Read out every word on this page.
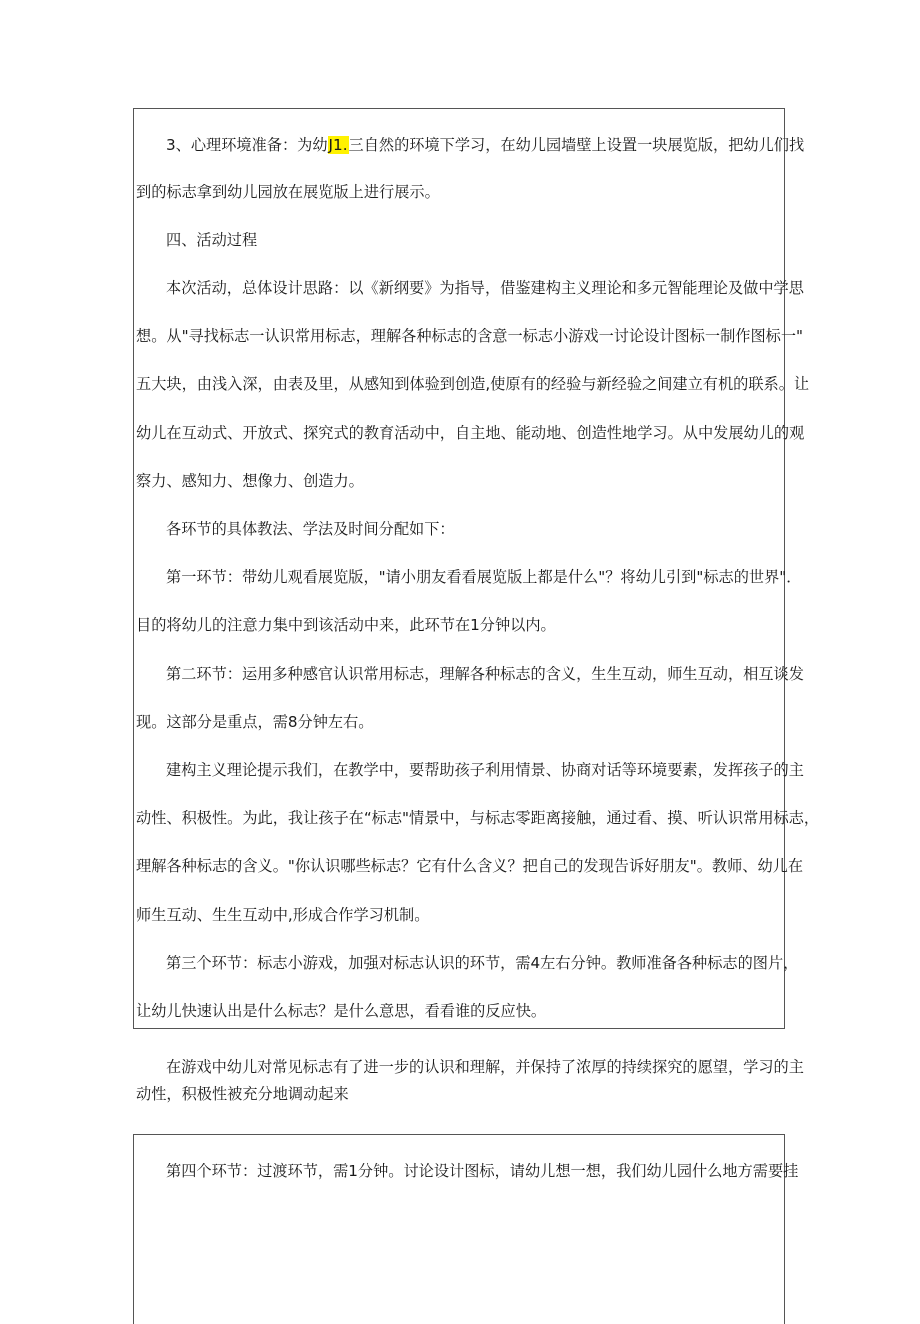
3、心理环境准备：为幼J1.三自然的环境下学习，在幼儿园墙壁上设置一块展览版，把幼儿们找

到的标志拿到幼儿园放在展览版上进行展示。

四、活动过程

本次活动，总体设计思路：以《新纲要》为指导，借鉴建构主义理论和多元智能理论及做中学思

想。从"寻找标志一认识常用标志，理解各种标志的含意一标志小游戏一讨论设计图标一制作图标一"

五大块，由浅入深，由表及里，从感知到体验到创造,使原有的经验与新经验之间建立有机的联系。让

幼儿在互动式、开放式、探究式的教育活动中，自主地、能动地、创造性地学习。从中发展幼儿的观

察力、感知力、想像力、创造力。

各环节的具体教法、学法及时间分配如下：

第一环节：带幼儿观看展览版，"请小朋友看看展览版上都是什么"？将幼儿引到"标志的世界"．

目的将幼儿的注意力集中到该活动中来，此环节在1分钟以内。

第二环节：运用多种感官认识常用标志，理解各种标志的含义，生生互动，师生互动，相互谈发

现。这部分是重点，需8分钟左右。

建构主义理论提示我们，在教学中，要帮助孩子利用情景、协商对话等环境要素，发挥孩子的主

动性、积极性。为此，我让孩子在“标志"情景中，与标志零距离接触，通过看、摸、听认识常用标志，

理解各种标志的含义。"你认识哪些标志？它有什么含义？把自己的发现告诉好朋友"。教师、幼儿在

师生互动、生生互动中,形成合作学习机制。

第三个环节：标志小游戏，加强对标志认识的环节，需4左右分钟。教师准备各种标志的图片，

让幼儿快速认出是什么标志？是什么意思，看看谁的反应快。

在游戏中幼儿对常见标志有了进一步的认识和理解，并保持了浓厚的持续探究的愿望，学习的主

动性，积极性被充分地调动起来

第四个环节：过渡环节，需1分钟。讨论设计图标，请幼儿想一想，我们幼儿园什么地方需要挂
